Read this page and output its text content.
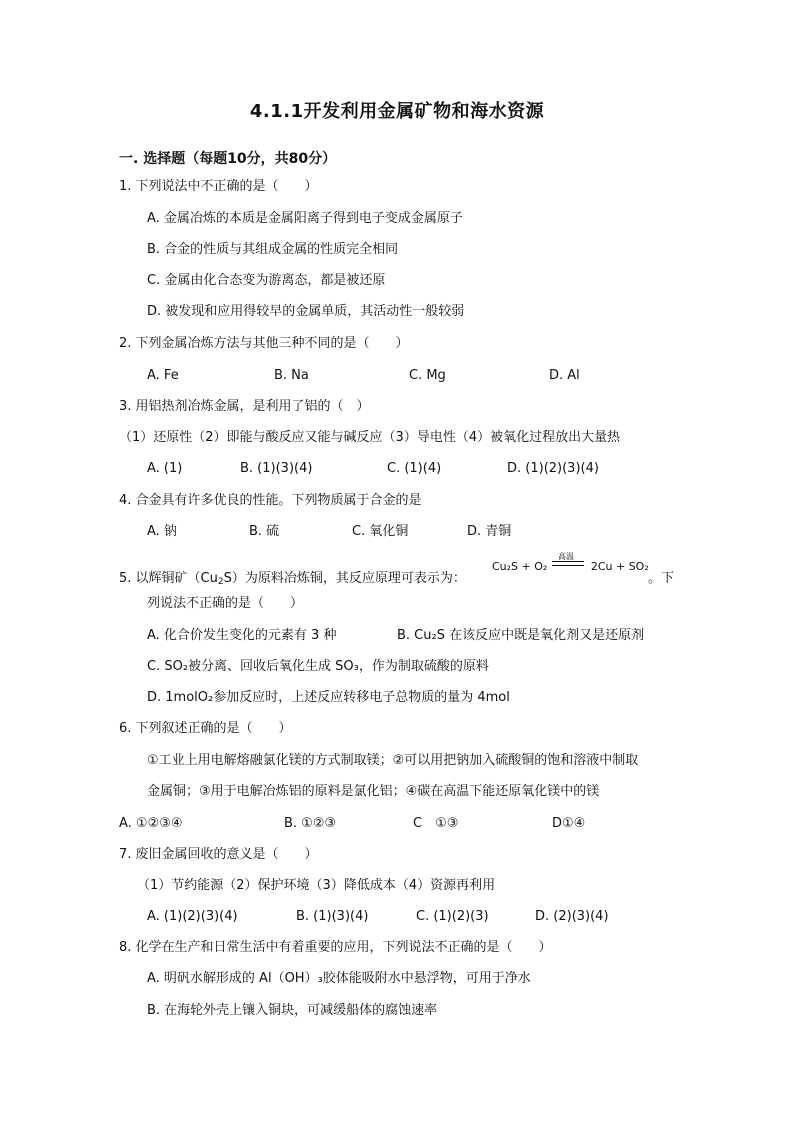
4.1.1开发利用金属矿物和海水资源
一. 选择题（每题10分，共80分）
1. 下列说法中不正确的是（　　）
A. 金属冶炼的本质是金属阳离子得到电子变成金属原子
B. 合金的性质与其组成金属的性质完全相同
C. 金属由化合态变为游离态，都是被还原
D. 被发现和应用得较早的金属单质，其活动性一般较弱
2. 下列金属冶炼方法与其他三种不同的是（　　）
A. Fe	B. Na	C. Mg	D. Al
3. 用铝热剂冶炼金属，是利用了铝的（　）
（1）还原性（2）即能与酸反应又能与碱反应（3）导电性（4）被氧化过程放出大量热
A. (1)	B. (1)(3)(4)	C. (1)(4)	D. (1)(2)(3)(4)
4. 合金具有许多优良的性能。下列物质属于合金的是
A. 钠	B. 硫	C. 氧化铜	D. 青铜
5. 以辉铜矿$(Cu_2S)$为原料冶炼铜，其反应原理可表示为：
Cu₂S + O₂
高温
2Cu + SO₂
。下
列说法不正确的是（　　）
A. 化合价发生变化的元素有 3 种	B. Cu₂S 在该反应中既是氧化剂又是还原剂
C. SO₂被分离、回收后氧化生成 SO₃，作为制取硫酸的原料
D. 1molO₂参加反应时，上述反应转移电子总物质的量为 4mol
6. 下列叙述正确的是（　　）
①工业上用电解熔融氯化镁的方式制取镁；②可以用把钠加入硫酸铜的饱和溶液中制取
金属铜；③用于电解冶炼铝的原料是氯化铝；④碳在高温下能还原氧化镁中的镁
A. ①②③④	B. ①②③	C　①③	D①④
7. 废旧金属回收的意义是（　　）
（1）节约能源（2）保护环境（3）降低成本（4）资源再利用
A. (1)(2)(3)(4)	B. (1)(3)(4)	C. (1)(2)(3)	D. (2)(3)(4)
8. 化学在生产和日常生活中有着重要的应用，下列说法不正确的是（　　）
A. 明矾水解形成的 Al（OH）₃胶体能吸附水中悬浮物，可用于净水
B. 在海轮外壳上镶入铜块，可减缓船体的腐蚀速率
